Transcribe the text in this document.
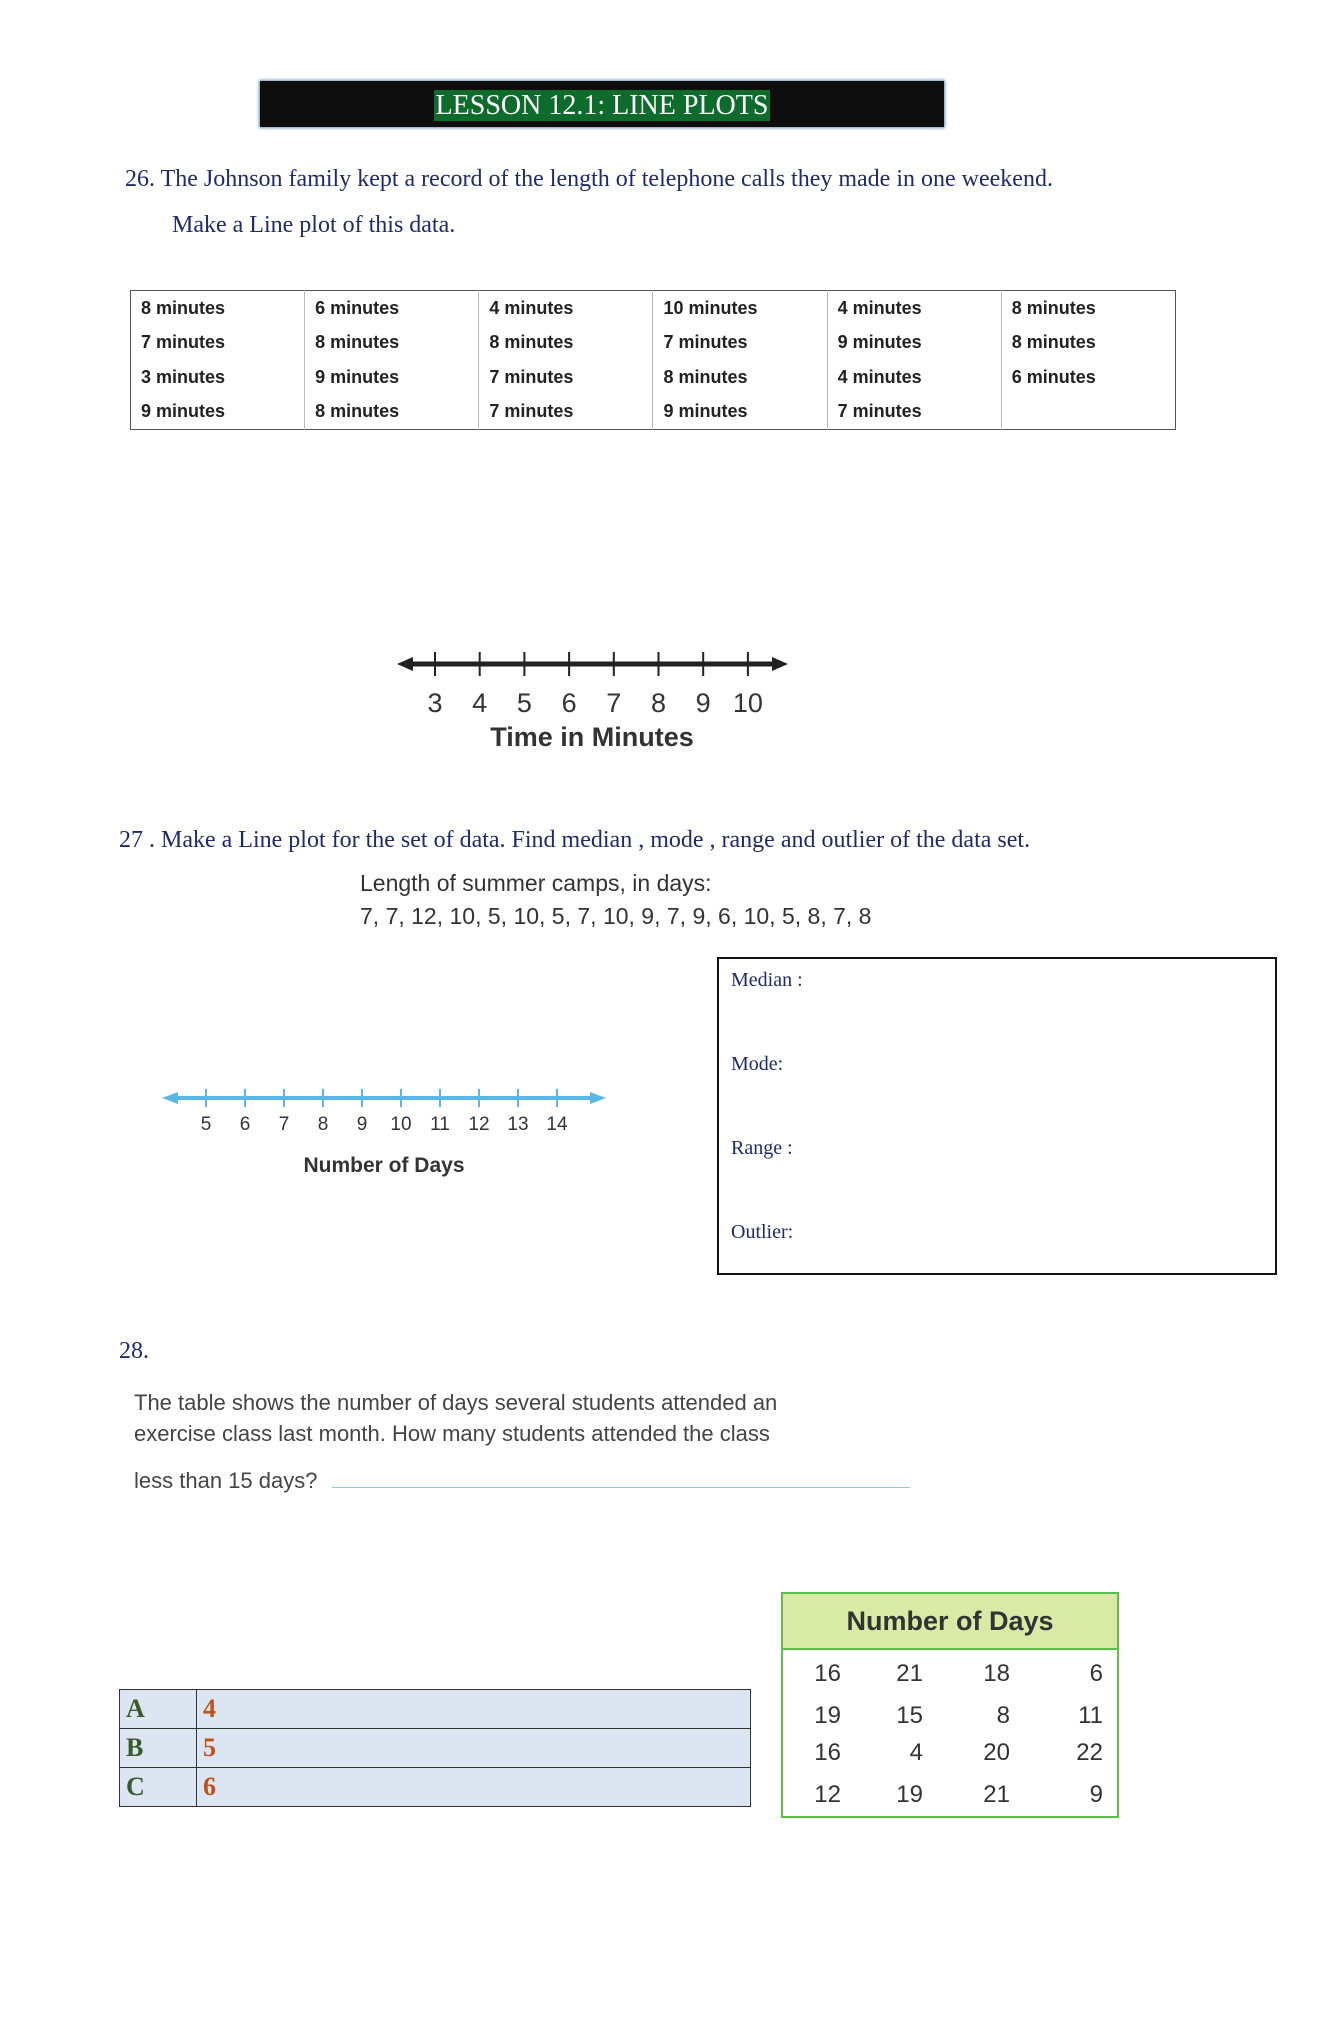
LESSON 12.1: LINE PLOTS
26. The Johnson family kept a record of the length of telephone calls they made in one weekend.
Make a Line plot of this data.
8 minutes	6 minutes	4 minutes	10 minutes	4 minutes	8 minutes
7 minutes	8 minutes	8 minutes	7 minutes	9 minutes	8 minutes
3 minutes	9 minutes	7 minutes	8 minutes	4 minutes	6 minutes
9 minutes	8 minutes	7 minutes	9 minutes	7 minutes	
3 4 5 6 7 8 9 10
Time in Minutes
27 . Make a Line plot for the set of data. Find median , mode , range and outlier of the data set.
Length of summer camps, in days:
7, 7, 12, 10, 5, 10, 5, 7, 10, 9, 7, 9, 6, 10, 5, 8, 7, 8
5 6 7 8 9 10 11 12 13 14
Number of Days
Median :
Mode:
Range :
Outlier:
28.
The table shows the number of days several students attended an
exercise class last month. How many students attended the class
less than 15 days?
A	4
B	5
C	6
Number of Days
16	21	18	6
19	15	8	11
16	4	20	22
12	19	21	9
